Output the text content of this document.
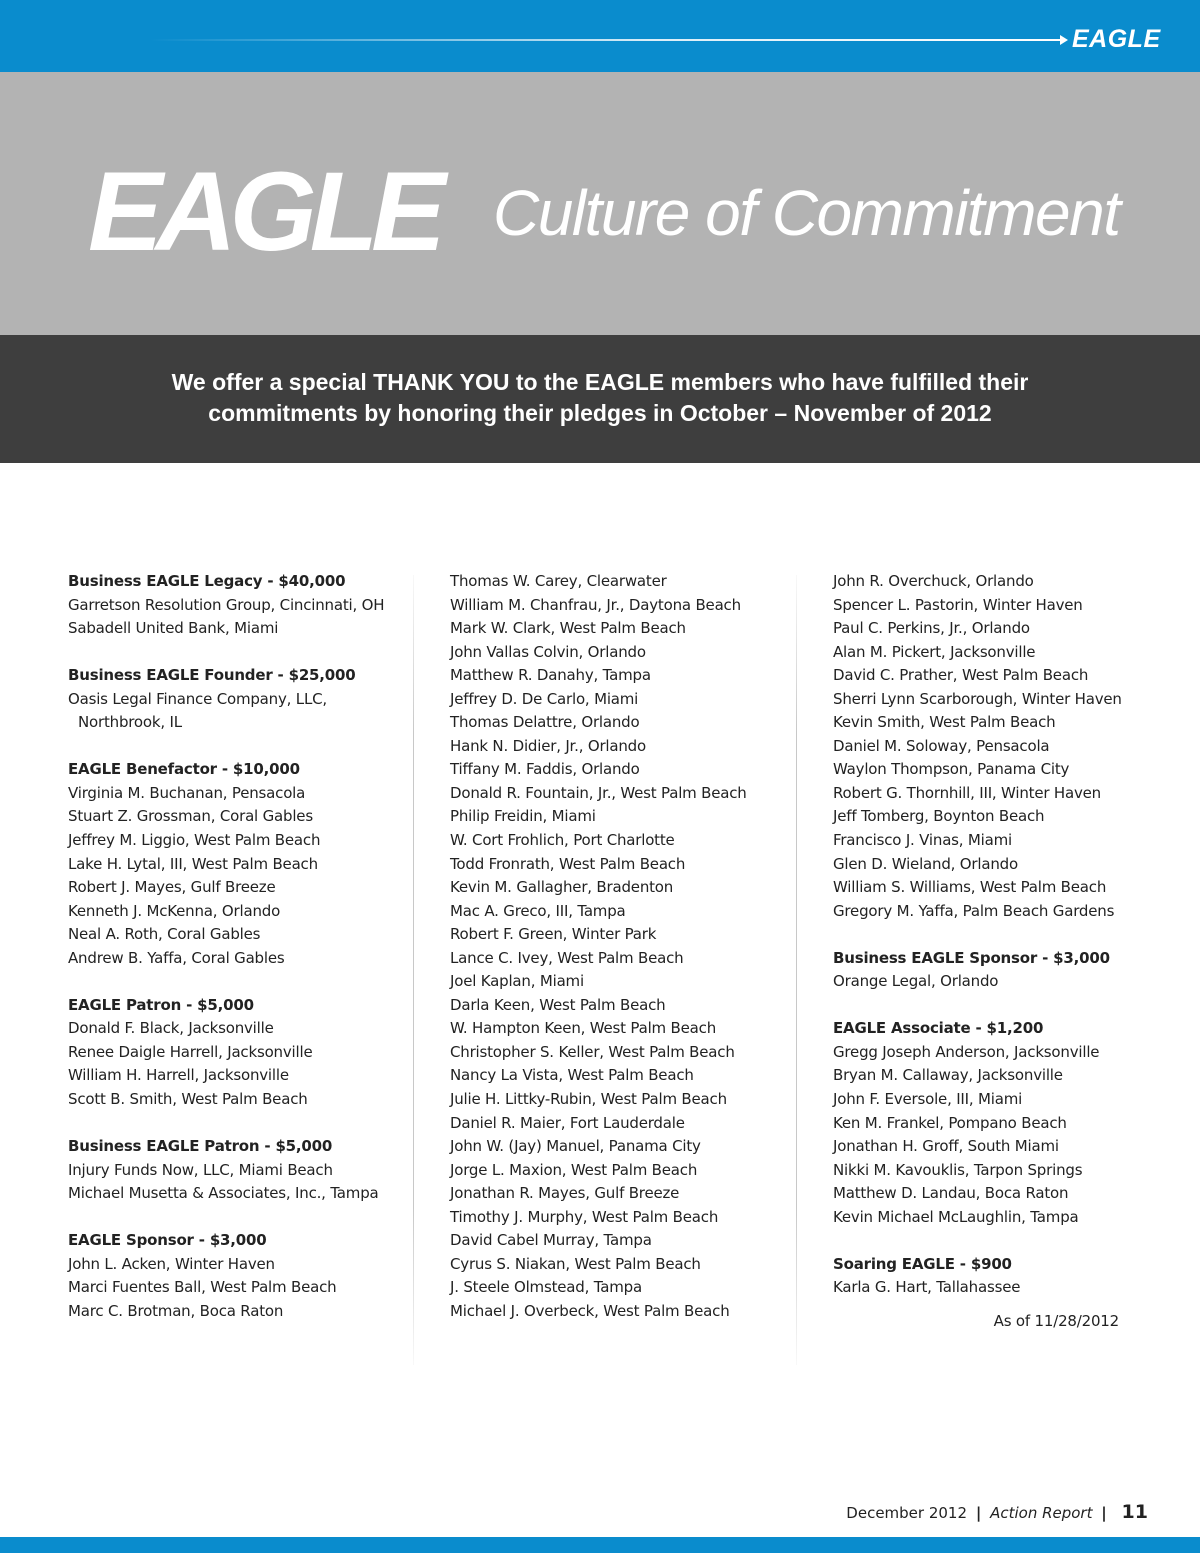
EAGLE
EAGLE Culture of Commitment
We offer a special THANK YOU to the EAGLE members who have fulfilled their
commitments by honoring their pledges in October – November of 2012
Business EAGLE Legacy - $40,000
Garretson Resolution Group, Cincinnati, OH
Sabadell United Bank, Miami
Business EAGLE Founder - $25,000
Oasis Legal Finance Company, LLC,
Northbrook, IL
EAGLE Benefactor - $10,000
Virginia M. Buchanan, Pensacola
Stuart Z. Grossman, Coral Gables
Jeffrey M. Liggio, West Palm Beach
Lake H. Lytal, III, West Palm Beach
Robert J. Mayes, Gulf Breeze
Kenneth J. McKenna, Orlando
Neal A. Roth, Coral Gables
Andrew B. Yaffa, Coral Gables
EAGLE Patron - $5,000
Donald F. Black, Jacksonville
Renee Daigle Harrell, Jacksonville
William H. Harrell, Jacksonville
Scott B. Smith, West Palm Beach
Business EAGLE Patron - $5,000
Injury Funds Now, LLC, Miami Beach
Michael Musetta & Associates, Inc., Tampa
EAGLE Sponsor - $3,000
John L. Acken, Winter Haven
Marci Fuentes Ball, West Palm Beach
Marc C. Brotman, Boca Raton
Thomas W. Carey, Clearwater
William M. Chanfrau, Jr., Daytona Beach
Mark W. Clark, West Palm Beach
John Vallas Colvin, Orlando
Matthew R. Danahy, Tampa
Jeffrey D. De Carlo, Miami
Thomas Delattre, Orlando
Hank N. Didier, Jr., Orlando
Tiffany M. Faddis, Orlando
Donald R. Fountain, Jr., West Palm Beach
Philip Freidin, Miami
W. Cort Frohlich, Port Charlotte
Todd Fronrath, West Palm Beach
Kevin M. Gallagher, Bradenton
Mac A. Greco, III, Tampa
Robert F. Green, Winter Park
Lance C. Ivey, West Palm Beach
Joel Kaplan, Miami
Darla Keen, West Palm Beach
W. Hampton Keen, West Palm Beach
Christopher S. Keller, West Palm Beach
Nancy La Vista, West Palm Beach
Julie H. Littky-Rubin, West Palm Beach
Daniel R. Maier, Fort Lauderdale
John W. (Jay) Manuel, Panama City
Jorge L. Maxion, West Palm Beach
Jonathan R. Mayes, Gulf Breeze
Timothy J. Murphy, West Palm Beach
David Cabel Murray, Tampa
Cyrus S. Niakan, West Palm Beach
J. Steele Olmstead, Tampa
Michael J. Overbeck, West Palm Beach
John R. Overchuck, Orlando
Spencer L. Pastorin, Winter Haven
Paul C. Perkins, Jr., Orlando
Alan M. Pickert, Jacksonville
David C. Prather, West Palm Beach
Sherri Lynn Scarborough, Winter Haven
Kevin Smith, West Palm Beach
Daniel M. Soloway, Pensacola
Waylon Thompson, Panama City
Robert G. Thornhill, III, Winter Haven
Jeff Tomberg, Boynton Beach
Francisco J. Vinas, Miami
Glen D. Wieland, Orlando
William S. Williams, West Palm Beach
Gregory M. Yaffa, Palm Beach Gardens
Business EAGLE Sponsor - $3,000
Orange Legal, Orlando
EAGLE Associate - $1,200
Gregg Joseph Anderson, Jacksonville
Bryan M. Callaway, Jacksonville
John F. Eversole, III, Miami
Ken M. Frankel, Pompano Beach
Jonathan H. Groff, South Miami
Nikki M. Kavouklis, Tarpon Springs
Matthew D. Landau, Boca Raton
Kevin Michael McLaughlin, Tampa
Soaring EAGLE - $900
Karla G. Hart, Tallahassee
As of 11/28/2012
December 2012 | Action Report | 11
